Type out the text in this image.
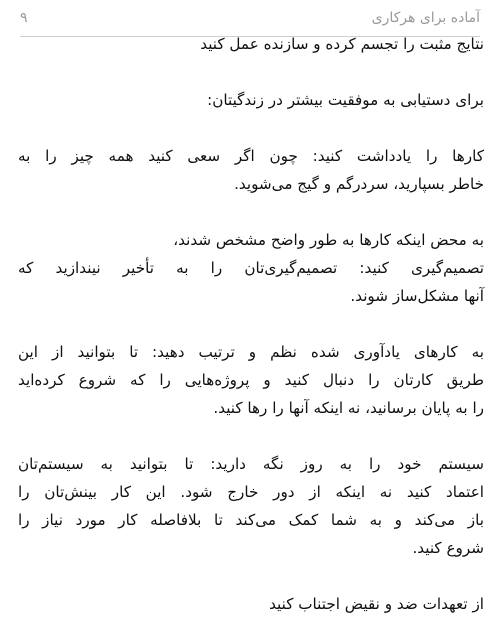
آماده برای هرکاری
۹
نتایج مثبت را تجسم کرده و سازنده عمل کنید
برای دستیابی به موفقیت بیشتر در زندگیتان:
کارها را یادداشت کنید: چون اگر سعی کنید همه چیز را به
خاطر بسپارید، سردرگم و گیج می‌شوید.
به محض اینکه کارها به طور واضح مشخص شدند،
تصمیم‌گیری کنید: تصمیم‌گیری‌تان را به تأخیر نیندازید که
آنها مشکل‌ساز شوند.
به کارهای یادآوری شده نظم و ترتیب دهید: تا بتوانید از این
طریق کارتان را دنبال کنید و پروژه‌هایی را که شروع کرده‌اید
را به پایان برسانید، نه اینکه آنها را رها کنید.
سیستم خود را به روز نگه دارید: تا بتوانید به سیستم‌تان
اعتماد کنید نه اینکه از دور خارج شود. این کار بینش‌تان را
باز می‌کند و به شما کمک می‌کند تا بلافاصله کار مورد نیاز را
شروع کنید.
از تعهدات ضد و نقیض اجتناب کنید
